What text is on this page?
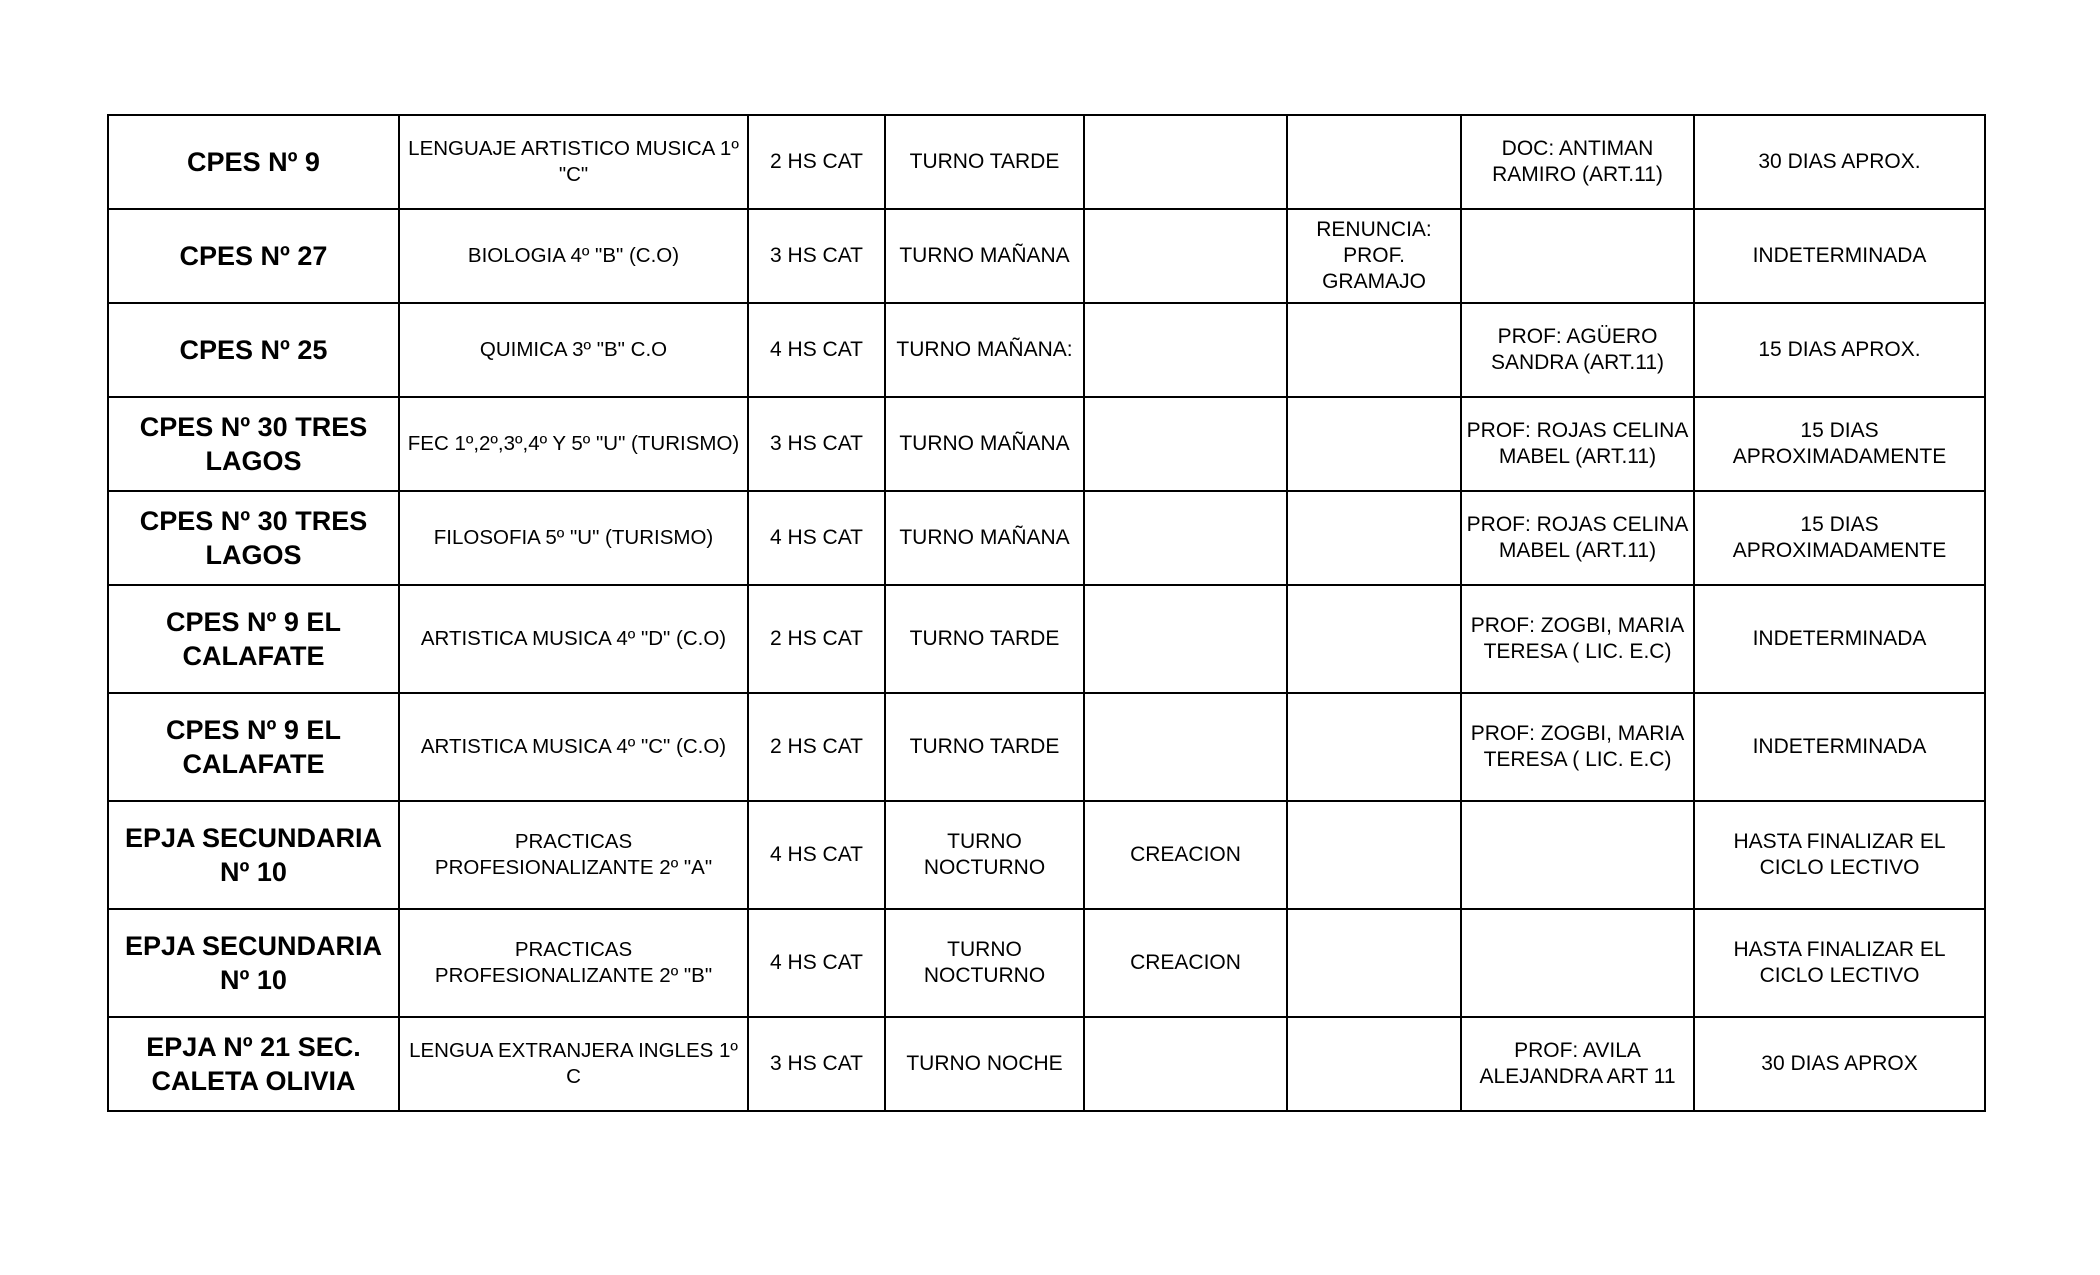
CPES Nº 9	LENGUAJE ARTISTICO MUSICA 1º "C"	2 HS CAT	TURNO TARDE			DOC: ANTIMAN RAMIRO (ART.11)	30 DIAS APROX.
CPES Nº 27	BIOLOGIA 4º "B" (C.O)	3 HS CAT	TURNO MAÑANA		RENUNCIA: PROF. GRAMAJO		INDETERMINADA
CPES Nº 25	QUIMICA 3º "B" C.O	4 HS CAT	TURNO MAÑANA:			PROF: AGÜERO SANDRA (ART.11)	15 DIAS APROX.
CPES Nº 30 TRES LAGOS	FEC 1º,2º,3º,4º Y 5º "U" (TURISMO)	3 HS CAT	TURNO MAÑANA			PROF: ROJAS CELINA MABEL (ART.11)	15 DIAS APROXIMADAMENTE
CPES Nº 30 TRES LAGOS	FILOSOFIA 5º "U" (TURISMO)	4 HS CAT	TURNO MAÑANA			PROF: ROJAS CELINA MABEL (ART.11)	15 DIAS APROXIMADAMENTE
CPES Nº 9 EL CALAFATE	ARTISTICA MUSICA 4º "D" (C.O)	2 HS CAT	TURNO TARDE			PROF: ZOGBI, MARIA TERESA ( LIC. E.C)	INDETERMINADA
CPES Nº 9 EL CALAFATE	ARTISTICA MUSICA 4º "C" (C.O)	2 HS CAT	TURNO TARDE			PROF: ZOGBI, MARIA TERESA ( LIC. E.C)	INDETERMINADA
EPJA SECUNDARIA Nº 10	PRACTICAS PROFESIONALIZANTE 2º "A"	4 HS CAT	TURNO NOCTURNO	CREACION			HASTA FINALIZAR EL CICLO LECTIVO
EPJA SECUNDARIA Nº 10	PRACTICAS PROFESIONALIZANTE 2º "B"	4 HS CAT	TURNO NOCTURNO	CREACION			HASTA FINALIZAR EL CICLO LECTIVO
EPJA Nº 21 SEC. CALETA OLIVIA	LENGUA EXTRANJERA INGLES 1º C	3 HS CAT	TURNO NOCHE			PROF: AVILA ALEJANDRA ART 11	30 DIAS APROX
